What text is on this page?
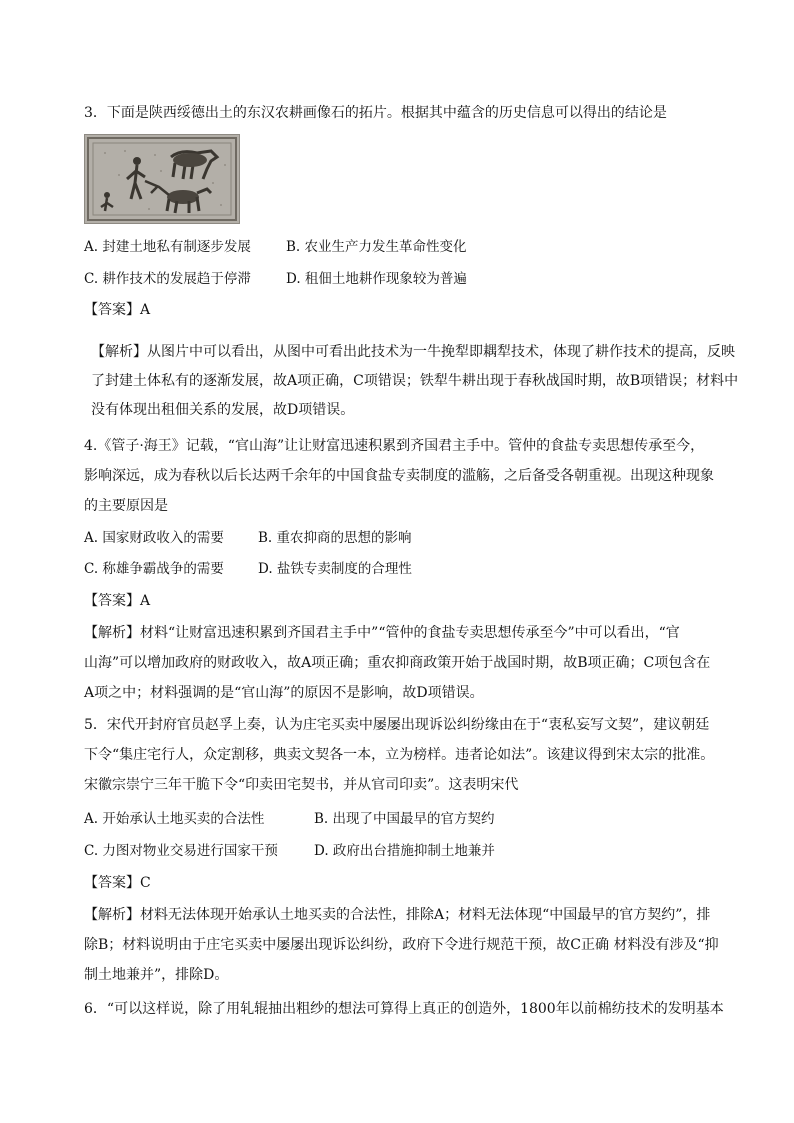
3．下面是陕西绥德出土的东汉农耕画像石的拓片。根据其中蕴含的历史信息可以得出的结论是
A. 封建土地私有制逐步发展	B. 农业生产力发生革命性变化
C. 耕作技术的发展趋于停滞	D. 租佃土地耕作现象较为普遍
【答案】A
【解析】从图片中可以看出，从图中可看出此技术为一牛挽犁即耦犁技术，体现了耕作技术的提高，反映
了封建土体私有的逐渐发展，故A项正确，C项错误；铁犁牛耕出现于春秋战国时期，故B项错误；材料中
没有体现出租佃关系的发展，故D项错误。
4.《管子·海王》记载，“官山海”让让财富迅速积累到齐国君主手中。管仲的食盐专卖思想传承至今，
影响深远，成为春秋以后长达两千余年的中国食盐专卖制度的滥觞，之后备受各朝重视。出现这种现象
的主要原因是
A. 国家财政收入的需要	B. 重农抑商的思想的影响
C. 称雄争霸战争的需要	D. 盐铁专卖制度的合理性
【答案】A
【解析】材料“让财富迅速积累到齐国君主手中”“管仲的食盐专卖思想传承至今”中可以看出，“官
山海”可以增加政府的财政收入，故A项正确；重农抑商政策开始于战国时期，故B项正确；C项包含在
A项之中；材料强调的是“官山海”的原因不是影响，故D项错误。
5．宋代开封府官员赵孚上奏，认为庄宅买卖中屡屡出现诉讼纠纷缘由在于“衷私妄写文契”，建议朝廷
下令“集庄宅行人，众定割移，典卖文契各一本，立为榜样。违者论如法”。该建议得到宋太宗的批准。
宋徽宗崇宁三年干脆下令“印卖田宅契书，并从官司印卖”。这表明宋代
A. 开始承认土地买卖的合法性	B. 出现了中国最早的官方契约
C. 力图对物业交易进行国家干预	D. 政府出台措施抑制土地兼并
【答案】C
【解析】材料无法体现开始承认土地买卖的合法性，排除A；材料无法体现“中国最早的官方契约”，排
除B；材料说明由于庄宅买卖中屡屡出现诉讼纠纷，政府下令进行规范干预，故C正确 材料没有涉及“抑
制土地兼并”，排除D。
6．“可以这样说，除了用轧辊抽出粗纱的想法可算得上真正的创造外，1800年以前棉纺技术的发明基本
